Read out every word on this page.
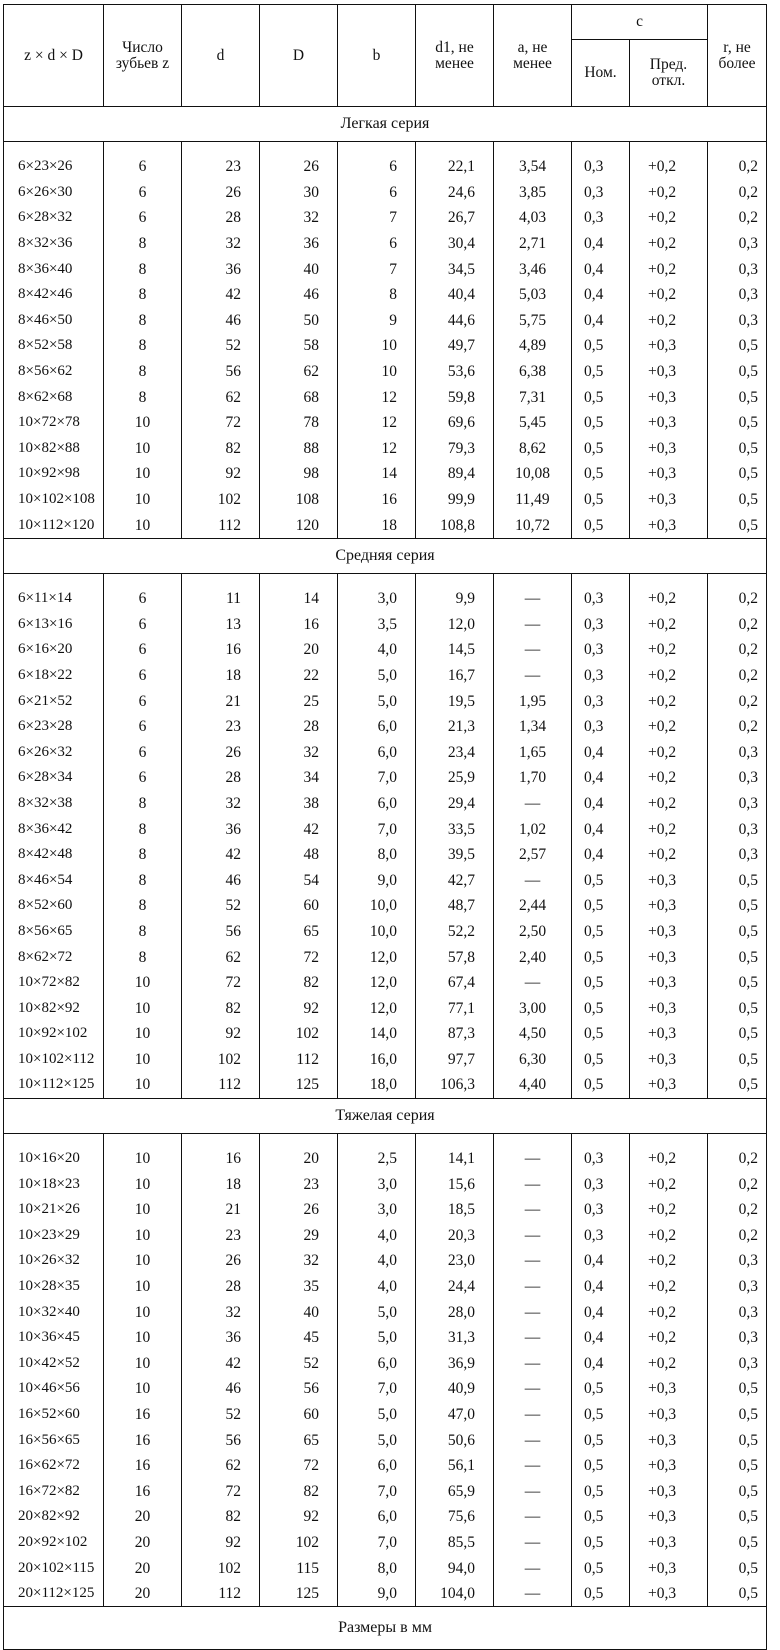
z × d × D	Число зубьев z	d	D	b	d1, не менее	a, не менее	c		r, не более
							Ном.	Пред. откл.	
Легкая серия									

6×23×26	6	23	26	6	22,1	3,54	0,3	+0,2	0,2
6×26×30	6	26	30	6	24,6	3,85	0,3	+0,2	0,2
6×28×32	6	28	32	7	26,7	4,03	0,3	+0,2	0,2
8×32×36	8	32	36	6	30,4	2,71	0,4	+0,2	0,3
8×36×40	8	36	40	7	34,5	3,46	0,4	+0,2	0,3
8×42×46	8	42	46	8	40,4	5,03	0,4	+0,2	0,3
8×46×50	8	46	50	9	44,6	5,75	0,4	+0,2	0,3
8×52×58	8	52	58	10	49,7	4,89	0,5	+0,3	0,5
8×56×62	8	56	62	10	53,6	6,38	0,5	+0,3	0,5
8×62×68	8	62	68	12	59,8	7,31	0,5	+0,3	0,5
10×72×78	10	72	78	12	69,6	5,45	0,5	+0,3	0,5
10×82×88	10	82	88	12	79,3	8,62	0,5	+0,3	0,5
10×92×98	10	92	98	14	89,4	10,08	0,5	+0,3	0,5
10×102×108	10	102	108	16	99,9	11,49	0,5	+0,3	0,5
10×112×120	10	112	120	18	108,8	10,72	0,5	+0,3	0,5
Средняя серия									

6×11×14	6	11	14	3,0	9,9	—	0,3	+0,2	0,2
6×13×16	6	13	16	3,5	12,0	—	0,3	+0,2	0,2
6×16×20	6	16	20	4,0	14,5	—	0,3	+0,2	0,2
6×18×22	6	18	22	5,0	16,7	—	0,3	+0,2	0,2
6×21×52	6	21	25	5,0	19,5	1,95	0,3	+0,2	0,2
6×23×28	6	23	28	6,0	21,3	1,34	0,3	+0,2	0,2
6×26×32	6	26	32	6,0	23,4	1,65	0,4	+0,2	0,3
6×28×34	6	28	34	7,0	25,9	1,70	0,4	+0,2	0,3
8×32×38	8	32	38	6,0	29,4	—	0,4	+0,2	0,3
8×36×42	8	36	42	7,0	33,5	1,02	0,4	+0,2	0,3
8×42×48	8	42	48	8,0	39,5	2,57	0,4	+0,2	0,3
8×46×54	8	46	54	9,0	42,7	—	0,5	+0,3	0,5
8×52×60	8	52	60	10,0	48,7	2,44	0,5	+0,3	0,5
8×56×65	8	56	65	10,0	52,2	2,50	0,5	+0,3	0,5
8×62×72	8	62	72	12,0	57,8	2,40	0,5	+0,3	0,5
10×72×82	10	72	82	12,0	67,4	—	0,5	+0,3	0,5
10×82×92	10	82	92	12,0	77,1	3,00	0,5	+0,3	0,5
10×92×102	10	92	102	14,0	87,3	4,50	0,5	+0,3	0,5
10×102×112	10	102	112	16,0	97,7	6,30	0,5	+0,3	0,5
10×112×125	10	112	125	18,0	106,3	4,40	0,5	+0,3	0,5
Тяжелая серия									

10×16×20	10	16	20	2,5	14,1	—	0,3	+0,2	0,2
10×18×23	10	18	23	3,0	15,6	—	0,3	+0,2	0,2
10×21×26	10	21	26	3,0	18,5	—	0,3	+0,2	0,2
10×23×29	10	23	29	4,0	20,3	—	0,3	+0,2	0,2
10×26×32	10	26	32	4,0	23,0	—	0,4	+0,2	0,3
10×28×35	10	28	35	4,0	24,4	—	0,4	+0,2	0,3
10×32×40	10	32	40	5,0	28,0	—	0,4	+0,2	0,3
10×36×45	10	36	45	5,0	31,3	—	0,4	+0,2	0,3
10×42×52	10	42	52	6,0	36,9	—	0,4	+0,2	0,3
10×46×56	10	46	56	7,0	40,9	—	0,5	+0,3	0,5
16×52×60	16	52	60	5,0	47,0	—	0,5	+0,3	0,5
16×56×65	16	56	65	5,0	50,6	—	0,5	+0,3	0,5
16×62×72	16	62	72	6,0	56,1	—	0,5	+0,3	0,5
16×72×82	16	72	82	7,0	65,9	—	0,5	+0,3	0,5
20×82×92	20	82	92	6,0	75,6	—	0,5	+0,3	0,5
20×92×102	20	92	102	7,0	85,5	—	0,5	+0,3	0,5
20×102×115	20	102	115	8,0	94,0	—	0,5	+0,3	0,5
20×112×125	20	112	125	9,0	104,0	—	0,5	+0,3	0,5
Размеры в мм									
